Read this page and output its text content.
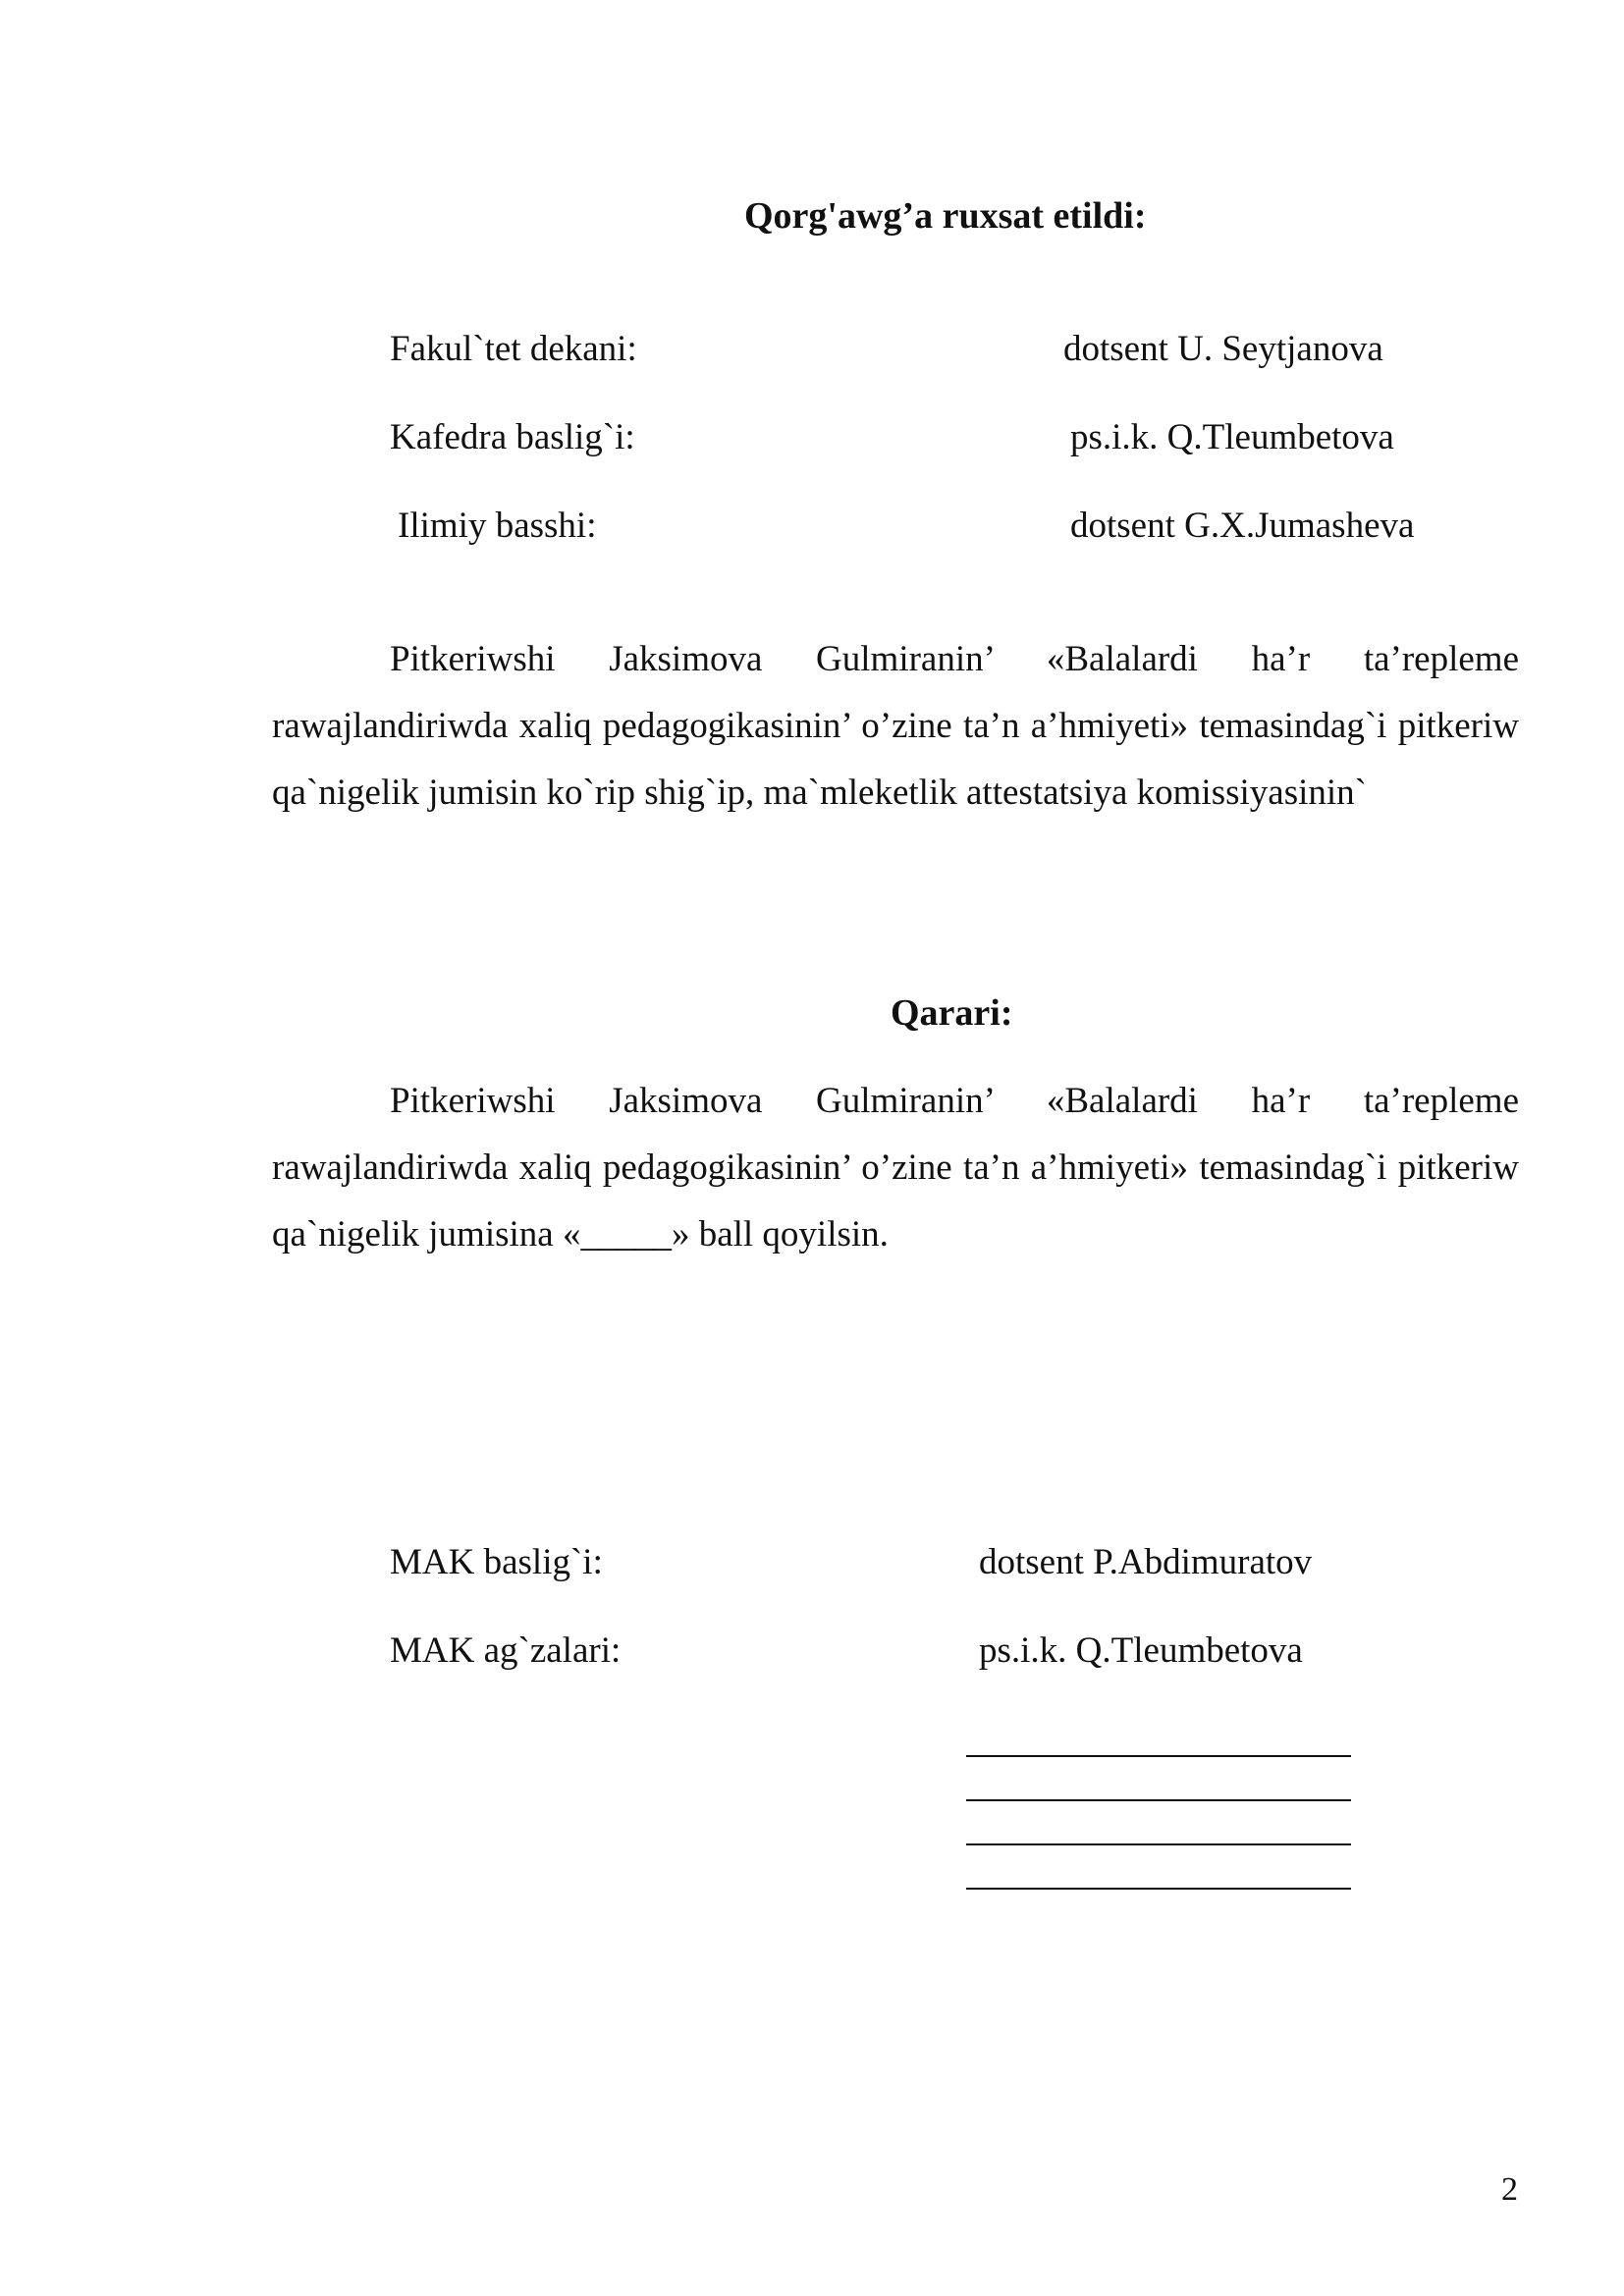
Qorg'awg’a ruxsat etildi:
Fakul`tet dekani:	dotsent U. Seytjanova
Kafedra baslig`i:	ps.i.k. Q.Tleumbetova
Ilimiy basshi:	dotsent G.X.Jumasheva
Pitkeriwshi Jaksimova Gulmiranin’ «Balalardi ha’r ta’repleme rawajlandiriwda xaliq pedagogikasinin’ o’zine ta’n a’hmiyeti» temasindag`i pitkeriw qa`nigelik jumisin ko`rip shig`ip, ma`mleketlik attestatsiya komissiyasinin`
Qarari:
Pitkeriwshi Jaksimova Gulmiranin’ «Balalardi ha’r ta’repleme rawajlandiriwda xaliq pedagogikasinin’ o’zine ta’n a’hmiyeti» temasindag`i pitkeriw qa`nigelik jumisina «_____» ball qoyilsin.
MAK baslig`i:	dotsent P.Abdimuratov
MAK ag`zalari:	ps.i.k. Q.Tleumbetova
2
